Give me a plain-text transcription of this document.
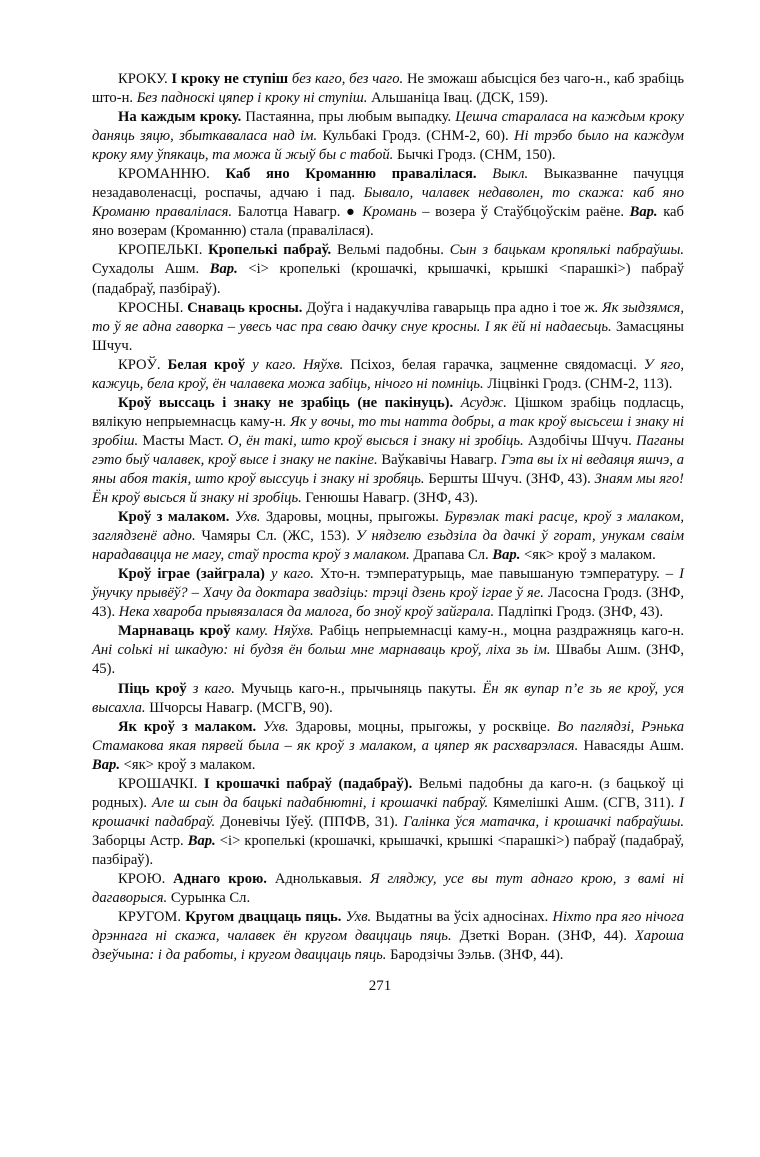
КРОКУ. І кроку не ступіш без каго, без чаго. Не зможаш абысціся без чаго-н., каб зрабіць што-н. Без падноскі цяпер і кроку ні ступіш. Альшаніца Івац. (ДСК, 159).

На каждым кроку. Пастаянна, пры любым выпадку. Цешча старалаca на каждым кроку даняць зяцю, збыткавалаca над ім. Кульбакі Гродз. (СНМ-2, 60). Ні трэбо было на каждум кроку яму ўпякаць, та можа й жыў бы с табой. Бычкі Гродз. (СНМ, 150).

КРОМАННЮ. Каб яно Кроманню правалілася. Выкл. Выказванне пачуцця незадаволенасці, роспачы, адчаю і пад. Бывало, чалавек недаволен, то скажа: каб яно Кроманю правалілася. Балотца Навагр. ● Кромань – возера ў Стаўбцоўскім раёне. Вар. каб яно возерам (Кроманню) стала (правалілася).

КРОПЕЛЬКІ. Кропелькі пабраў. Вельмі падобны. Сын з бацькам кропялькі пабраўшы. Сухадолы Ашм. Вар. <і> кропелькі (крошачкі, крышачкі, крышкі <парашкі>) пабраў (падабраў, пазбіраў).

КРОСНЫ. Снаваць кросны. Доўга і надакучліва гаварыць пра адно і тое ж. Як зыдзямся, то ў яе адна гаворка – увесь час пра сваю дачку снуе кросны. І як ёй ні надаесьць. Замасцяны Шчуч.

КРОЎ. Белая кроў у каго. Няўхв. Псіхоз, белая гарачка, зацменне свядомасці. У яго, кажуць, бела кроў, ён чалавека можа забіць, нічого ні помніць. Ліцвінкі Гродз. (СНМ-2, 113).

Кроў выссаць і знаку не зрабіць (не пакінуць). Асудж. Цішком зрабіць подласць, вялікую непрыемнасць каму-н. Як у вочы, то ты натта добры, а так кроў высьсеш і знаку ні зробіш. Масты Маст. О, ён такі, што кроў высься і знаку ні зробіць. Аздобічы Шчуч. Паганы гэто быў чалавек, кроў высе і знаку не пакіне. Ваўкавічы Навагр. Гэта вы іх ні ведаяця яшчэ, а яны абоя такія, што кроў выссуць і знаку ні зробяць. Бершты Шчуч. (ЗНФ, 43). Знаям мы яго! Ён кроў высься й знаку ні зробіць. Генюшы Навагр. (ЗНФ, 43).

Кроў з малаком. Ухв. Здаровы, моцны, прыгожы. Бурвэлак такі расце, кроў з малаком, заглядзенё адно. Чамяры Сл. (ЖС, 153). У нядзелю езьдзіла да дачкі ў горат, унукам сваім нарадавацца не магу, стаў проста кроў з малаком. Драпава Сл. Вар. <як> кроў з малаком.

Кроў іграе (зайграла) у каго. Хто-н. тэмпературыць, мае павышаную тэмпературу. – І ўнучку прывёў? – Хачу да доктара звадзіць: трэці дзень кроў іграе ў яе. Ласосна Гродз. (ЗНФ, 43). Нека хвароба прывязалася да малога, бо зноў кроў зайграла. Падліпкі Гродз. (ЗНФ, 43).

Марнаваць кроў каму. Няўхв. Рабіць непрыемнасці каму-н., моцна раздражняць каго-н. Ані colькі ні шкадую: ні будзя ён больш мне марнаваць кроў, ліха зь ім. Швабы Ашм. (ЗНФ, 45).

Піць кроў з каго. Мучыць каго-н., прычыняць пакуты. Ён як вупар п’е зь яе кроў, уся высахла. Шчорсы Навагр. (МСГВ, 90).

Як кроў з малаком. Ухв. Здаровы, моцны, прыгожы, у росквіце. Во паглядзі, Рэнька Стамакова якая пярвей была – як кроў з малаком, а цяпер як расхварэлася. Навасяды Ашм. Вар. <як> кроў з малаком.

КРОШАЧКІ. І крошачкі пабраў (падабраў). Вельмі падобны да каго-н. (з бацькоў ці родных). Але ш сын да бацькі падабнютні, і крошачкі пабраў. Кямелішкі Ашм. (СГВ, 311). І крошачкі падабраў. Доневічы Іўеў. (ППФВ, 31). Галінка ўся матачка, і крошачкі пабраўшы. Заборцы Астр. Вар. <і> кропелькі (крошачкі, крышачкі, крышкі <парашкі>) пабраў (падабраў, пазбіраў).

КРОЮ. Аднаго крою. Аднолькавыя. Я гляджу, усе вы тут аднаго крою, з вамі ні дагаворыся. Сурынка Сл.

КРУГОМ. Кругом дваццаць пяць. Ухв. Выдатны ва ўсіх адносінах. Ніхто пра яго нічога дрэннага ні скажа, чалавек ён кругом дваццаць пяць. Дзеткі Воран. (ЗНФ, 44). Хароша дзеўчына: і да работы, і кругом дваццаць пяць. Бародзічы Зэльв. (ЗНФ, 44).

271
